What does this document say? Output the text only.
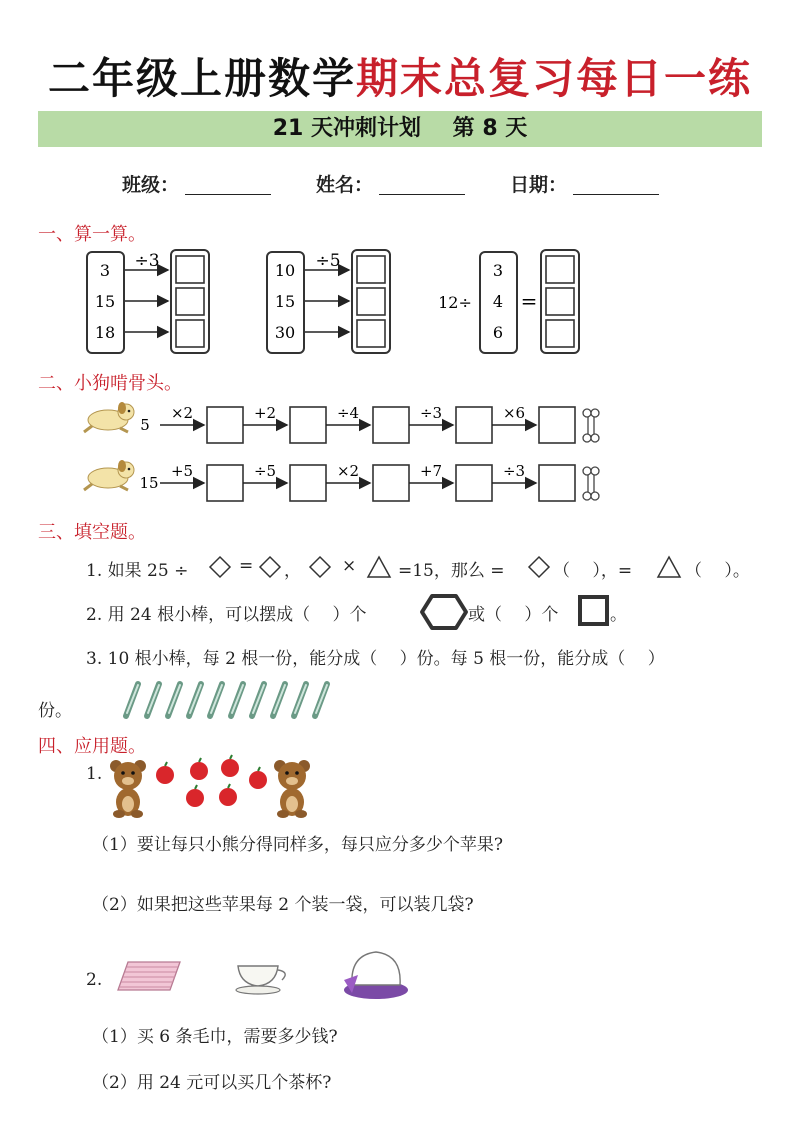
二年级上册数学期末总复习每日一练
21 天冲刺计划 第 8 天
班级：	姓名：	日期：
一、算一算。
二、小狗啃骨头。
三、填空题。
四、应用题。
3
15
18
÷3	10
15
30
÷5
12÷
3
4
6
=
5
×2	+2	÷4	÷3	×6
15
+5	÷5	×2	+7	÷3
1. 如果 25 ÷	= ， × =15，那么 =	（　 ），=	（　 ）。
2. 用 24 根小棒，可以摆成（　 ）个	或（　 ）个	。
3. 10 根小棒，每 2 根一份，能分成（　 ）份。每 5 根一份，能分成（　 ）
份。
1.
（1）要让每只小熊分得同样多，每只应分多少个苹果?
（2）如果把这些苹果每 2 个装一袋，可以装几袋?
2.
（1）买 6 条毛巾，需要多少钱?
（2）用 24 元可以买几个茶杯?
